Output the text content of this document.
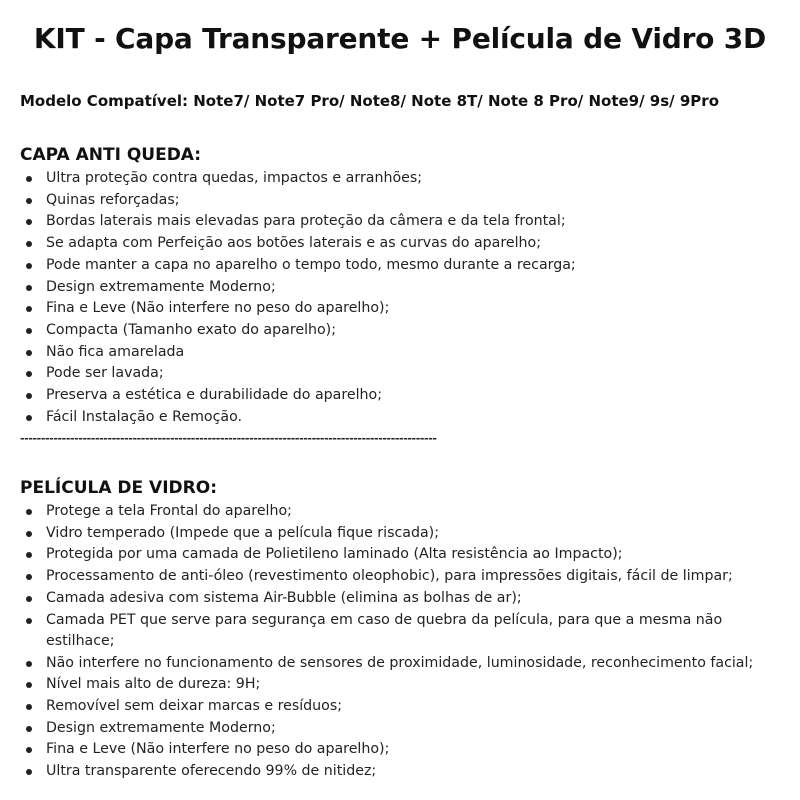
KIT - Capa Transparente + Película de Vidro 3D

Modelo Compatível: Note7/ Note7 Pro/ Note8/ Note 8T/ Note 8 Pro/ Note9/ 9s/ 9Pro

CAPA ANTI QUEDA:
Ultra proteção contra quedas, impactos e arranhões;
Quinas reforçadas;
Bordas laterais mais elevadas para proteção da câmera e da tela frontal;
Se adapta com Perfeição aos botões laterais e as curvas do aparelho;
Pode manter a capa no aparelho o tempo todo, mesmo durante a recarga;
Design extremamente Moderno;
Fina e Leve (Não interfere no peso do aparelho);
Compacta (Tamanho exato do aparelho);
Não fica amarelada
Pode ser lavada;
Preserva a estética e durabilidade do aparelho;
Fácil Instalação e Remoção.
----------------------------------------------------------------------------------------------------
PELÍCULA DE VIDRO:
Protege a tela Frontal do aparelho;
Vidro temperado (Impede que a película fique riscada);
Protegida por uma camada de Polietileno laminado (Alta resistência ao Impacto);
Processamento de anti-óleo (revestimento oleophobic), para impressões digitais, fácil de limpar;
Camada adesiva com sistema Air-Bubble (elimina as bolhas de ar);
Camada PET que serve para segurança em caso de quebra da película, para que a mesma não estilhace;
Não interfere no funcionamento de sensores de proximidade, luminosidade, reconhecimento facial;
Nível mais alto de dureza: 9H;
Removível sem deixar marcas e resíduos;
Design extremamente Moderno;
Fina e Leve (Não interfere no peso do aparelho);
Ultra transparente oferecendo 99% de nitidez;
